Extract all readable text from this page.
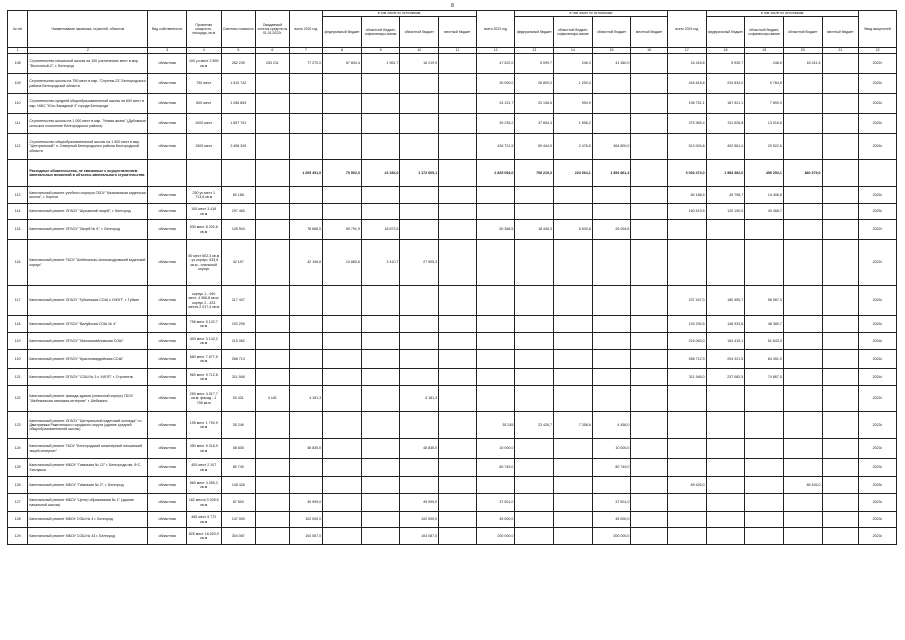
8
№ п/п	Наименование заказчика, отраслей, объектов	Вид собственности	Проектная мощность, площадь, кв.м	Сметная стоимость	Ожидаемый остаток средств на 01.01.2022г.	всего 2022 год	в том числе по источникам:				всего 2023 год	в том числе по источникам:				всего 2024 год	в том числе по источникам:				Ввод мощностей
							федеральный бюджет	областной бюджет, софинансиро-вание	областной бюджет	местный бюджет		федеральный бюджет	областной бюджет, софинансиро-вание	областной бюджет	местный бюджет		федеральный бюджет	областной бюджет, софинансиро-вание	областной бюджет	местный бюджет	
1	2	3	4	5	6	7	8	9	10	11	12	13	14	15	16	17	18	19	20	21	22
108	Строительство начальной школы на 100 ученических мест в мкр. "Восточный-2", г. Белгород	областная	100 уч.мест 2 899 кв.м	282 239	253 211	77 270,0	57 804,4	1 561,7	16 219,9		47 522,0	5 099,7	246,3	41 360,0		24 418,8	5 930,7	246,6	18 241,5		2022г.
109	Строительство школы на 750 мест в мкр. "Спутник-23" Белгородского района Белгородской области	областная	750 мест	1 510 742							30 000,0	28 800,0	1 200,0			244 618,8	234 834,0	9 784,8			2024г.
110	Строительство средней общеобразовательной школы на 600 мест в мкр. ИЖС "Юго-Западный 3" города Белгорода	областная	600 мест	1 266 853							24 131,7	23 136,8	994,9			198 751,1	187 921,1	7 890,0			2024г.
111	Строительство школы на 1 000 мест в мкр. "Новая жизнь" (Дубовское сельское поселение Белгородского района)	областная	1000 мест	1 657 791							39 235,2	37 654,3	1 506,2			375 965,4	311 526,8	13 018,6			2024г.
112	Строительство общеобразовательной школы на 1 500 мест в мкр. "Центральный" п. Северный Белгородского района Белгородской области	областная	1500 мест	2 498 349							426 721,5	59 444,5	2 476,5	364 800,0		513 004,8	492 561,4	20 522,6			2024г.
	Расходные обязательства, не связанные с осуществлением капитальных вложений в объекты капитального строительства					1 265 451,0	70 502,3	22 284,0	1 172 665,1		2 825 094,0	708 219,3	224 064,1	1 892 861,4		3 033 473,0	1 583 382,0	496 253,1	840 379,0		
113	Капитальный ремонт учебного корпуса ГБОУ "Казачанская кадетская школа", г. Корочa	областная	250 уч.мест 1 713,5 кв.м	60 188												60 188,5	45 798,7	14 408,8			2024г.
114	Капитальный ремонт ОГАОУ "Шуховский лицей", г. Белгород	областная	100 мест 3 416 кв.м	297 460												160 519,5	120 190,0	40 468,7			2025г.
115	Капитальный ремонт ОГБОУ "Лицей № 9", г. Белгород	областная	530 мест 8 202,6 кв.м	126 904		78 666,0	59 791,9	18 873,5			50 368,5	18 445,3	5 830,6	26 094,6							2022г.
116	Капитальный ремонт ГБОУ "Шебекинско-Александровский кадетский корпус"	областная	50 мест 802,3 кв.м - уч.корпус; 633,8 кв.м - спальный корпус	42 197		42 196,6	10 880,6	3 410,7	27 905,3												2022г.
117	Капитальный ремонт ОГАОУ "Губкинская СОШ с УИОП", г. Губкин	областная	корпус 1 - 940 мест, 4 366,8 кв.м; корпус 2 - 433 места 2 017,4 кв.м	217 447												237 447,0	180 459,7	56 987,3			2024г.
118	Капитальный ремонт ОГБОУ "Валуйская СОШ № 4"	областная	756 мест 5 102,7 кв.м	193 295												193 294,5	146 933,8	46 380,7			2024г.
119	Капитальный ремонт ОГБОУ "Маломихайловская СОШ"	областная	400 мест 3 142,2 кв.м	215 062												215 063,0	163 419,1	51 643,9			2024г.
120	Капитальный ремонт ОГБОУ "Красногвардейская СОШ"	областная	680 мест 7 677,5 кв.м	268 713												268 712,9	204 221,5	64 491,0			2024г.
121	Капитальный ремонт ОГБОУ "СОШ № 3 с УИОП" г. Строитель	областная	960 мест 9 712,8 кв.м	311 948												311 948,0	237 082,5	74 867,5			2024г.
122	Капитальный ремонт фасада здания (спальный корпус) ГБОУ "Шебекинская гимназия-интернат" г. Шебекино	областная	250 мест 4 317,7 кв.м; фасад - 1 706 кв.м	53 431	4 181	4 181,3			4 181,3												2022г.
123	Капитальный ремонт ОГАОУ "Центральный кадетский колледж" п.г. Дмитриевка Ракитянского городского округа (здание средней общеобразовательной школы)	областная	195 мест 1 792,9 кв.м	35 246							35 245	23 426,7	7 358,6	4 458,0							2023г.
124	Капитальный ремонт ГБОУ "Белгородский инженерный юношеский лицей-интернат"	областная	350 мест 5 218,9 кв.м	58 835		48 835,0			48 835,0		10 000,0			10 000,0							2023г.
125	Капитальный ремонт МБОУ "Гимназия № 12" г. Белгорода им. Ф.С. Хихлушки	областная	400 мест 2 107 кв.м	80 749							80 749,0			80 749,0							2023г.
126	Капитальный ремонт МБОУ "Гимназия № 2", г. Белгород	областная	660 мест 4 269,3 кв.м	145 426												89 426,0			89 426,0		2025г.
127	Капитальный ремонт МБОУ "Центр образования № 1" (здание начальной школы)	областная	182 места 3 028,5 кв.м	87 500		49 999,0			49 999,0		37 501,0			37 501,0							2023г.
128	Капитальный ремонт МБОУ СОШ № 4 г. Белгород	областная	465 мест 5 772 кв.м	147 000		102 000,0			102 000,0		45 000,0			45 000,0							2023г.
129	Капитальный ремонт МБОУ СОШ № 43 г. Белгород	областная	825 мест 18 923,9 кв.м	304 087		104 087,0			104 087,0		200 000,0			200 000,0							2023г.
